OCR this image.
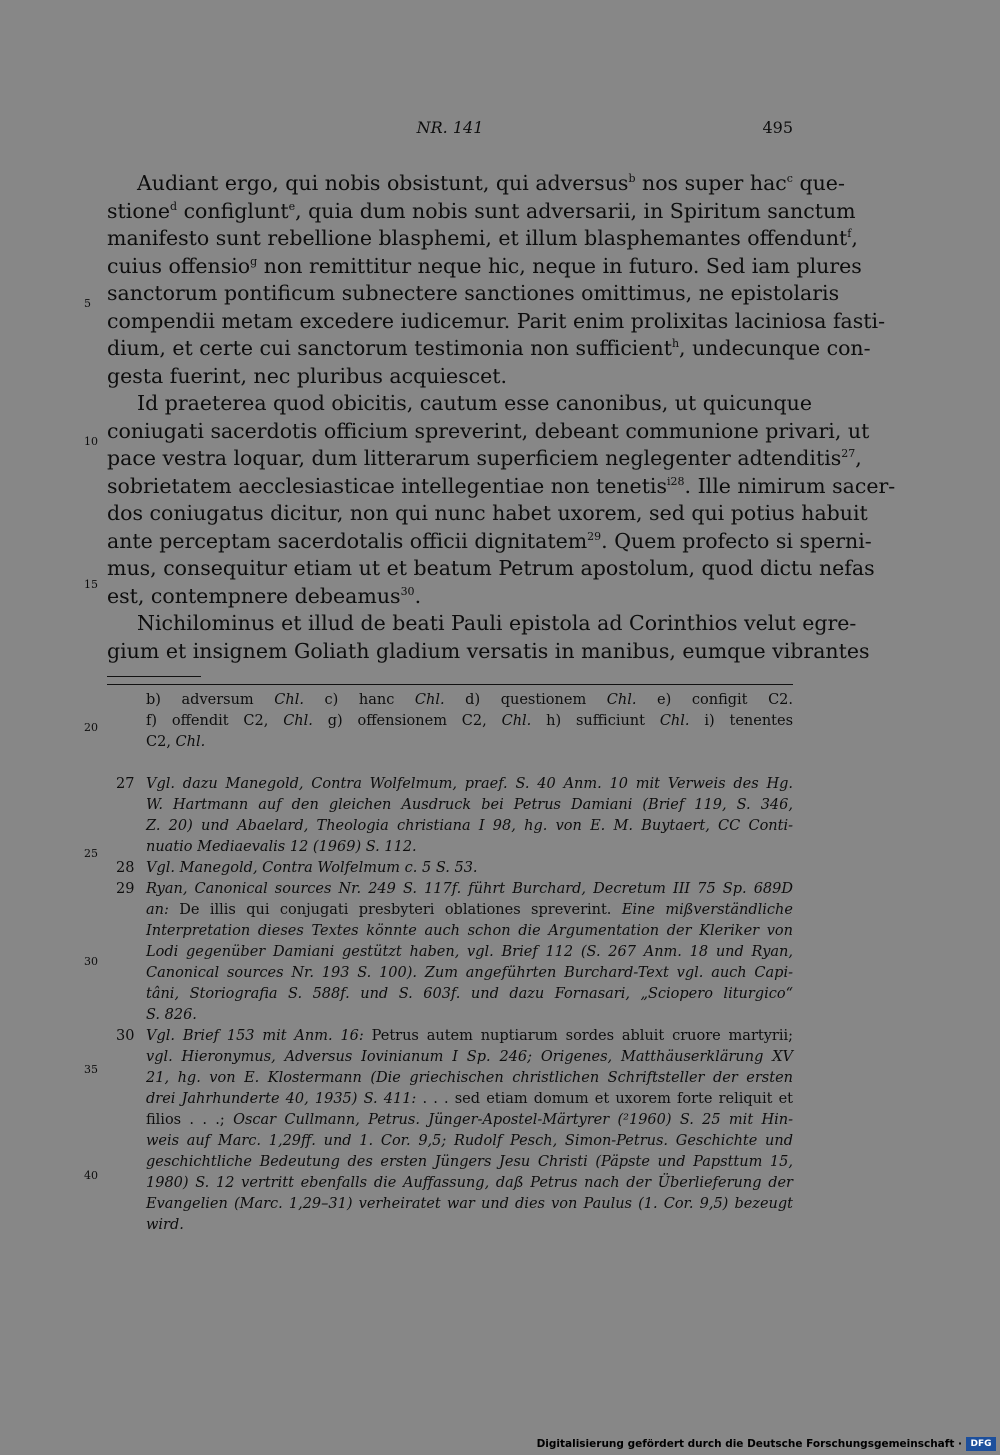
NR. 141	495
Audiant ergo, qui nobis obsistunt, qui adversus$^b$ nos super hac$^c$ que-
stione$^d$ configlunt$^e$, quia dum nobis sunt adversarii, in Spiritum sanctum
manifesto sunt rebellione blasphemi, et illum blasphemantes offendunt$^f$,
cuius offensio$^g$ non remittitur neque hic, neque in futuro. Sed iam plures
sanctorum pontificum subnectere sanctiones omittimus, ne epistolaris
compendii metam excedere iudicemur. Parit enim prolixitas laciniosa fasti-
dium, et certe cui sanctorum testimonia non sufficient$^h$, undecunque con-
gesta fuerint, nec pluribus acquiescet.
Id praeterea quod obicitis, cautum esse canonibus, ut quicunque
coniugati sacerdotis officium spreverint, debeant communione privari, ut
pace vestra loquar, dum litterarum superficiem neglegenter adtenditis$^{27}$,
sobrietatem aecclesiasticae intellegentiae non tenetis$^{i28}$. Ille nimirum sacer-
dos coniugatus dicitur, non qui nunc habet uxorem, sed qui potius habuit
ante perceptam sacerdotalis officii dignitatem$^{29}$. Quem profecto si sperni-
mus, consequitur etiam ut et beatum Petrum apostolum, quod dictu nefas
est, contempnere debeamus$^{30}$.
Nichilominus et illud de beati Pauli epistola ad Corinthios velut egre-
gium et insignem Goliath gladium versatis in manibus, eumque vibrantes
5
10
15
20
25
30
35
40
b) adversum Chl. c) hanc Chl. d) questionem Chl. e) configit C2.
f) offendit C2, Chl. g) offensionem C2, Chl. h) sufficiunt Chl. i) tenentes
C2, Chl.
27 Vgl. dazu Manegold, Contra Wolfelmum, praef. S. 40 Anm. 10 mit Verweis des Hg.
W. Hartmann auf den gleichen Ausdruck bei Petrus Damiani (Brief 119, S. 346,
Z. 20) und Abaelard, Theologia christiana I 98, hg. von E. M. Buytaert, CC Conti-
nuatio Mediaevalis 12 (1969) S. 112.
28 Vgl. Manegold, Contra Wolfelmum c. 5 S. 53.
29 Ryan, Canonical sources Nr. 249 S. 117f. führt Burchard, Decretum III 75 Sp. 689D
an: De illis qui conjugati presbyteri oblationes spreverint. Eine mißverständliche
Interpretation dieses Textes könnte auch schon die Argumentation der Kleriker von
Lodi gegenüber Damiani gestützt haben, vgl. Brief 112 (S. 267 Anm. 18 und Ryan,
Canonical sources Nr. 193 S. 100). Zum angeführten Burchard-Text vgl. auch Capi-
tâni, Storiografia S. 588f. und S. 603f. und dazu Fornasari, „Sciopero liturgico“
S. 826.
30 Vgl. Brief 153 mit Anm. 16: Petrus autem nuptiarum sordes abluit cruore martyrii;
vgl. Hieronymus, Adversus Iovinianum I Sp. 246; Origenes, Matthäuserklärung XV
21, hg. von E. Klostermann (Die griechischen christlichen Schriftsteller der ersten
drei Jahrhunderte 40, 1935) S. 411: . . . sed etiam domum et uxorem forte reliquit et
filios . . .; Oscar Cullmann, Petrus. Jünger-Apostel-Märtyrer (²1960) S. 25 mit Hin-
weis auf Marc. 1,29ff. und 1. Cor. 9,5; Rudolf Pesch, Simon-Petrus. Geschichte und
geschichtliche Bedeutung des ersten Jüngers Jesu Christi (Päpste und Papsttum 15,
1980) S. 12 vertritt ebenfalls die Auffassung, daß Petrus nach der Überlieferung der
Evangelien (Marc. 1,29–31) verheiratet war und dies von Paulus (1. Cor. 9,5) bezeugt
wird.
Digitalisierung gefördert durch die Deutsche Forschungsgemeinschaft · DFG
